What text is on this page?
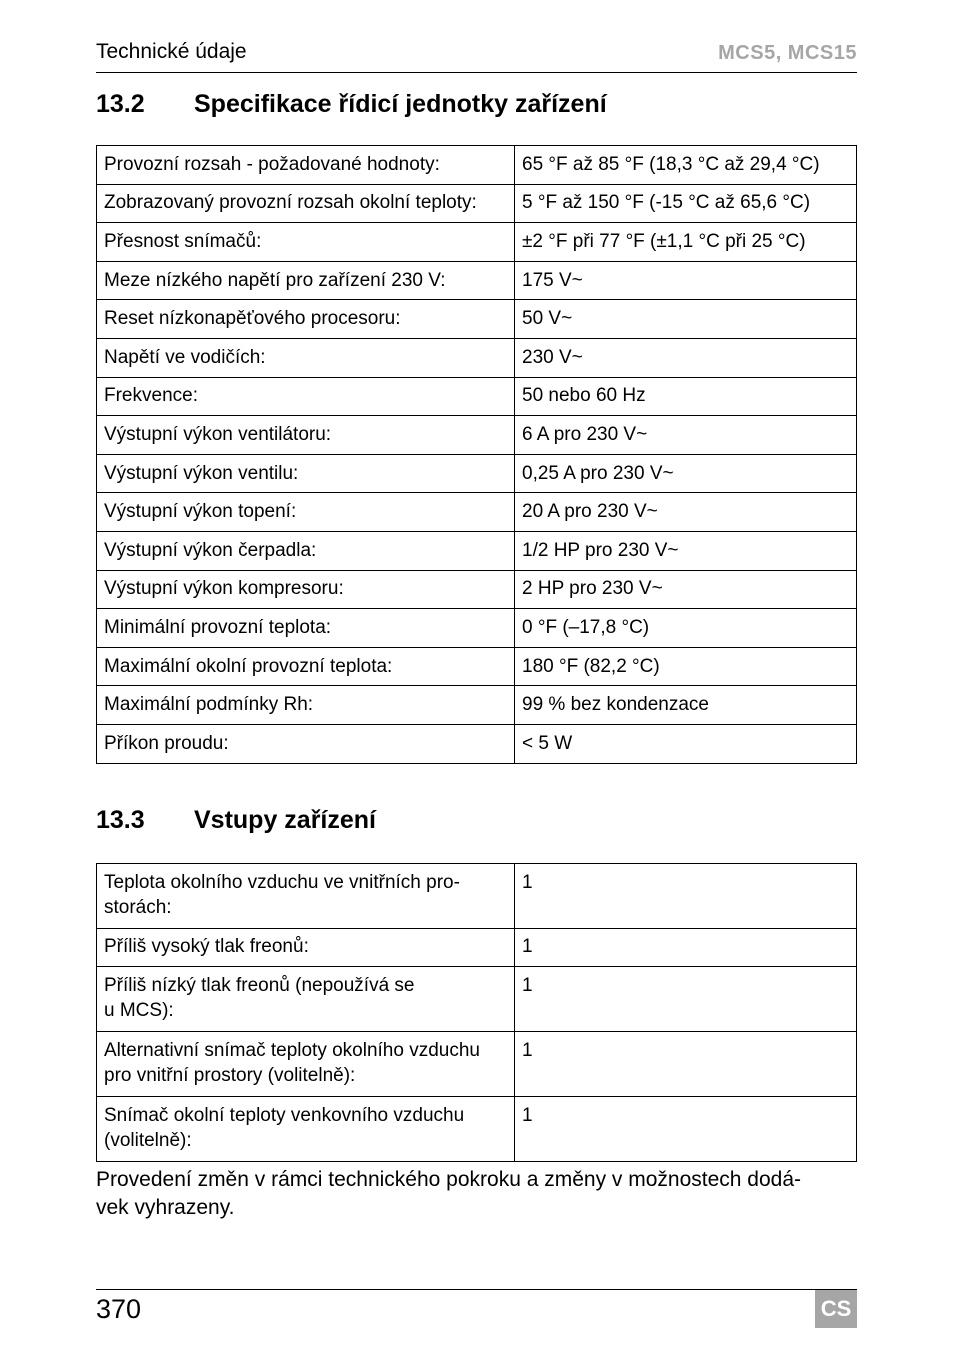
Technické údaje	MCS5, MCS15
13.2 Specifikace řídicí jednotky zařízení
Provozní rozsah - požadované hodnoty:	65 °F až 85 °F (18,3 °C až 29,4 °C)
Zobrazovaný provozní rozsah okolní teploty:	5 °F až 150 °F (-15 °C až 65,6 °C)
Přesnost snímačů:	±2 °F při 77 °F (±1,1 °C při 25 °C)
Meze nízkého napětí pro zařízení 230 V:	175 V~
Reset nízkonapěťového procesoru:	50 V~
Napětí ve vodičích:	230 V~
Frekvence:	50 nebo 60 Hz
Výstupní výkon ventilátoru:	6 A pro 230 V~
Výstupní výkon ventilu:	0,25 A pro 230 V~
Výstupní výkon topení:	20 A pro 230 V~
Výstupní výkon čerpadla:	1/2 HP pro 230 V~
Výstupní výkon kompresoru:	2 HP pro 230 V~
Minimální provozní teplota:	0 °F (–17,8 °C)
Maximální okolní provozní teplota:	180 °F (82,2 °C)
Maximální podmínky Rh:	99 % bez kondenzace
Příkon proudu:	< 5 W
13.3 Vstupy zařízení
Teplota okolního vzduchu ve vnitřních pro-
storách:	1
Příliš vysoký tlak freonů:	1
Příliš nízký tlak freonů (nepoužívá se
u MCS):	1
Alternativní snímač teploty okolního vzduchu
pro vnitřní prostory (volitelně):	1
Snímač okolní teploty venkovního vzduchu
(volitelně):	1
Provedení změn v rámci technického pokroku a změny v možnostech dodá-
vek vyhrazeny.
370	CS
